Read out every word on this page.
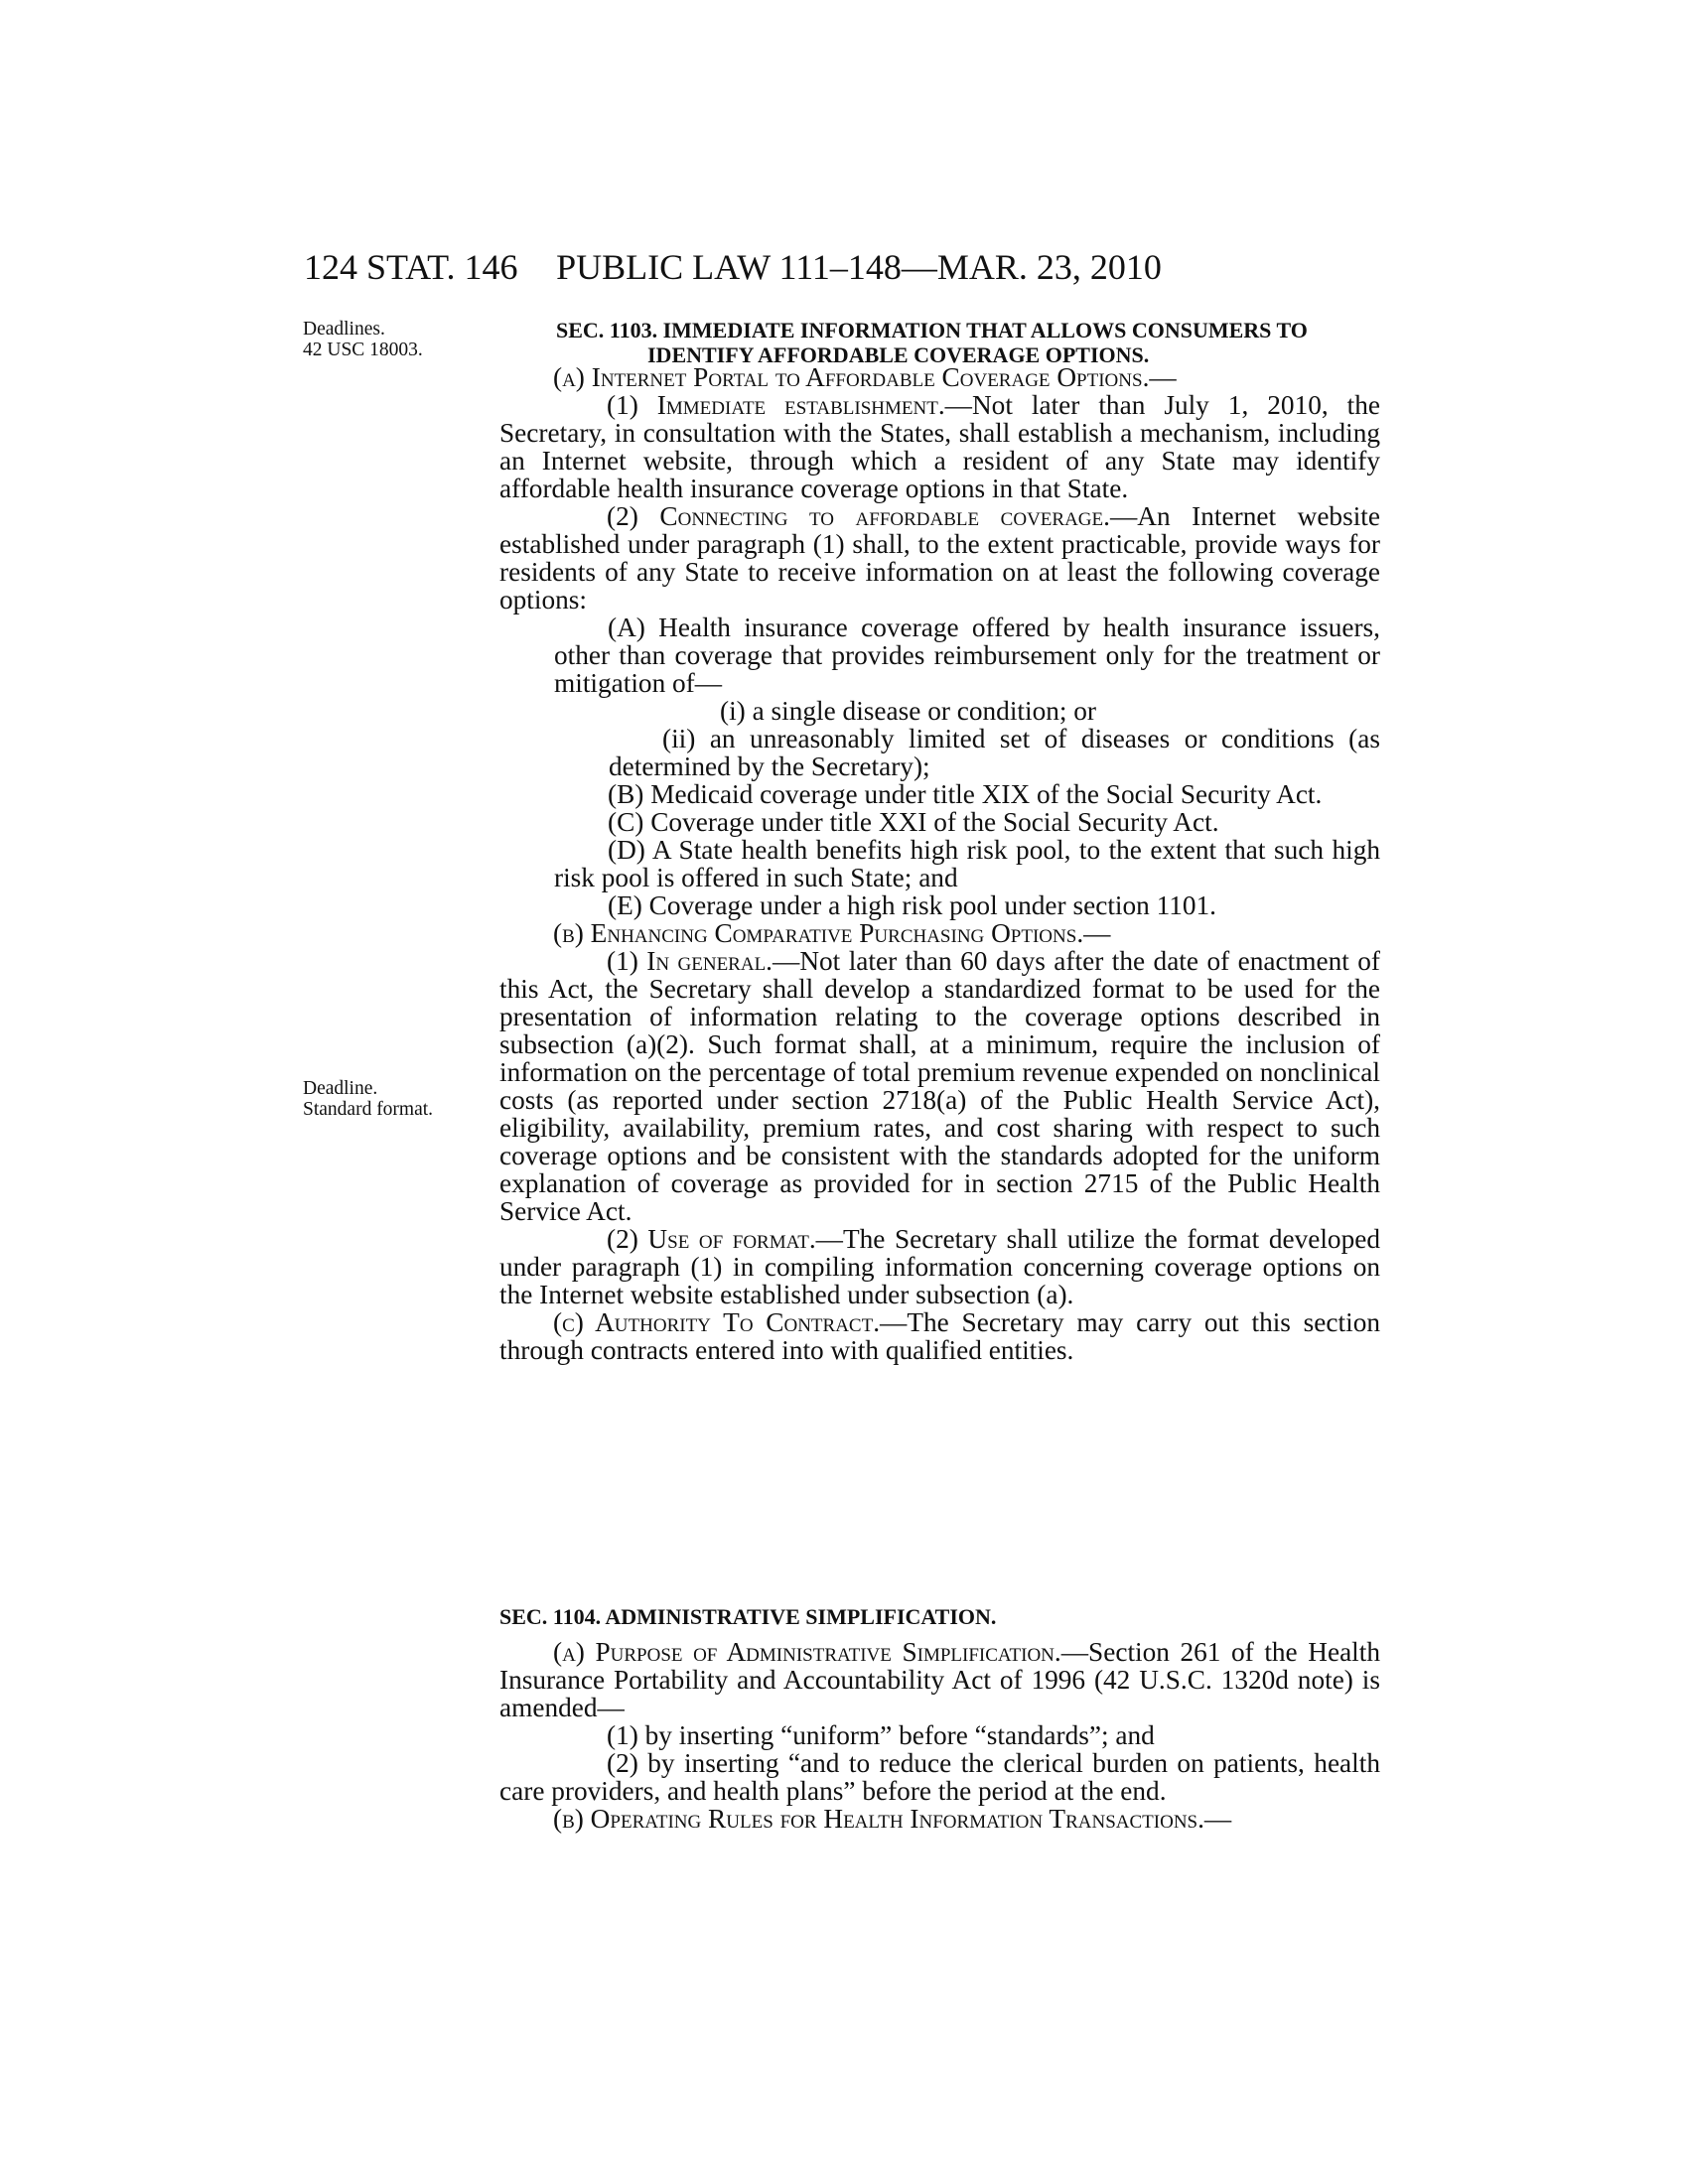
124 STAT. 146	PUBLIC LAW 111–148—MAR. 23, 2010
Deadlines.
42 USC 18003.
Deadline.
Standard format.
SEC. 1103. IMMEDIATE INFORMATION THAT ALLOWS CONSUMERS TO
IDENTIFY AFFORDABLE COVERAGE OPTIONS.

(a) Internet Portal to Affordable Coverage Options.—

(1) Immediate establishment.—Not later than July 1, 2010, the Secretary, in consultation with the States, shall establish a mechanism, including an Internet website, through which a resident of any State may identify affordable health insurance coverage options in that State.

(2) Connecting to affordable coverage.—An Internet website established under paragraph (1) shall, to the extent practicable, provide ways for residents of any State to receive information on at least the following coverage options:

(A) Health insurance coverage offered by health insurance issuers, other than coverage that provides reimbursement only for the treatment or mitigation of—

(i) a single disease or condition; or

(ii) an unreasonably limited set of diseases or conditions (as determined by the Secretary);

(B) Medicaid coverage under title XIX of the Social Security Act.

(C) Coverage under title XXI of the Social Security Act.

(D) A State health benefits high risk pool, to the extent that such high risk pool is offered in such State; and

(E) Coverage under a high risk pool under section 1101.

(b) Enhancing Comparative Purchasing Options.—

(1) In general.—Not later than 60 days after the date of enactment of this Act, the Secretary shall develop a standardized format to be used for the presentation of information relating to the coverage options described in subsection (a)(2). Such format shall, at a minimum, require the inclusion of information on the percentage of total premium revenue expended on nonclinical costs (as reported under section 2718(a) of the Public Health Service Act), eligibility, availability, premium rates, and cost sharing with respect to such coverage options and be consistent with the standards adopted for the uniform explanation of coverage as provided for in section 2715 of the Public Health Service Act.

(2) Use of format.—The Secretary shall utilize the format developed under paragraph (1) in compiling information concerning coverage options on the Internet website established under subsection (a).

(c) Authority To Contract.—The Secretary may carry out this section through contracts entered into with qualified entities.

SEC. 1104. ADMINISTRATIVE SIMPLIFICATION.

(a) Purpose of Administrative Simplification.—Section 261 of the Health Insurance Portability and Accountability Act of 1996 (42 U.S.C. 1320d note) is amended—

(1) by inserting “uniform” before “standards”; and

(2) by inserting “and to reduce the clerical burden on patients, health care providers, and health plans” before the period at the end.

(b) Operating Rules for Health Information Transactions.—
